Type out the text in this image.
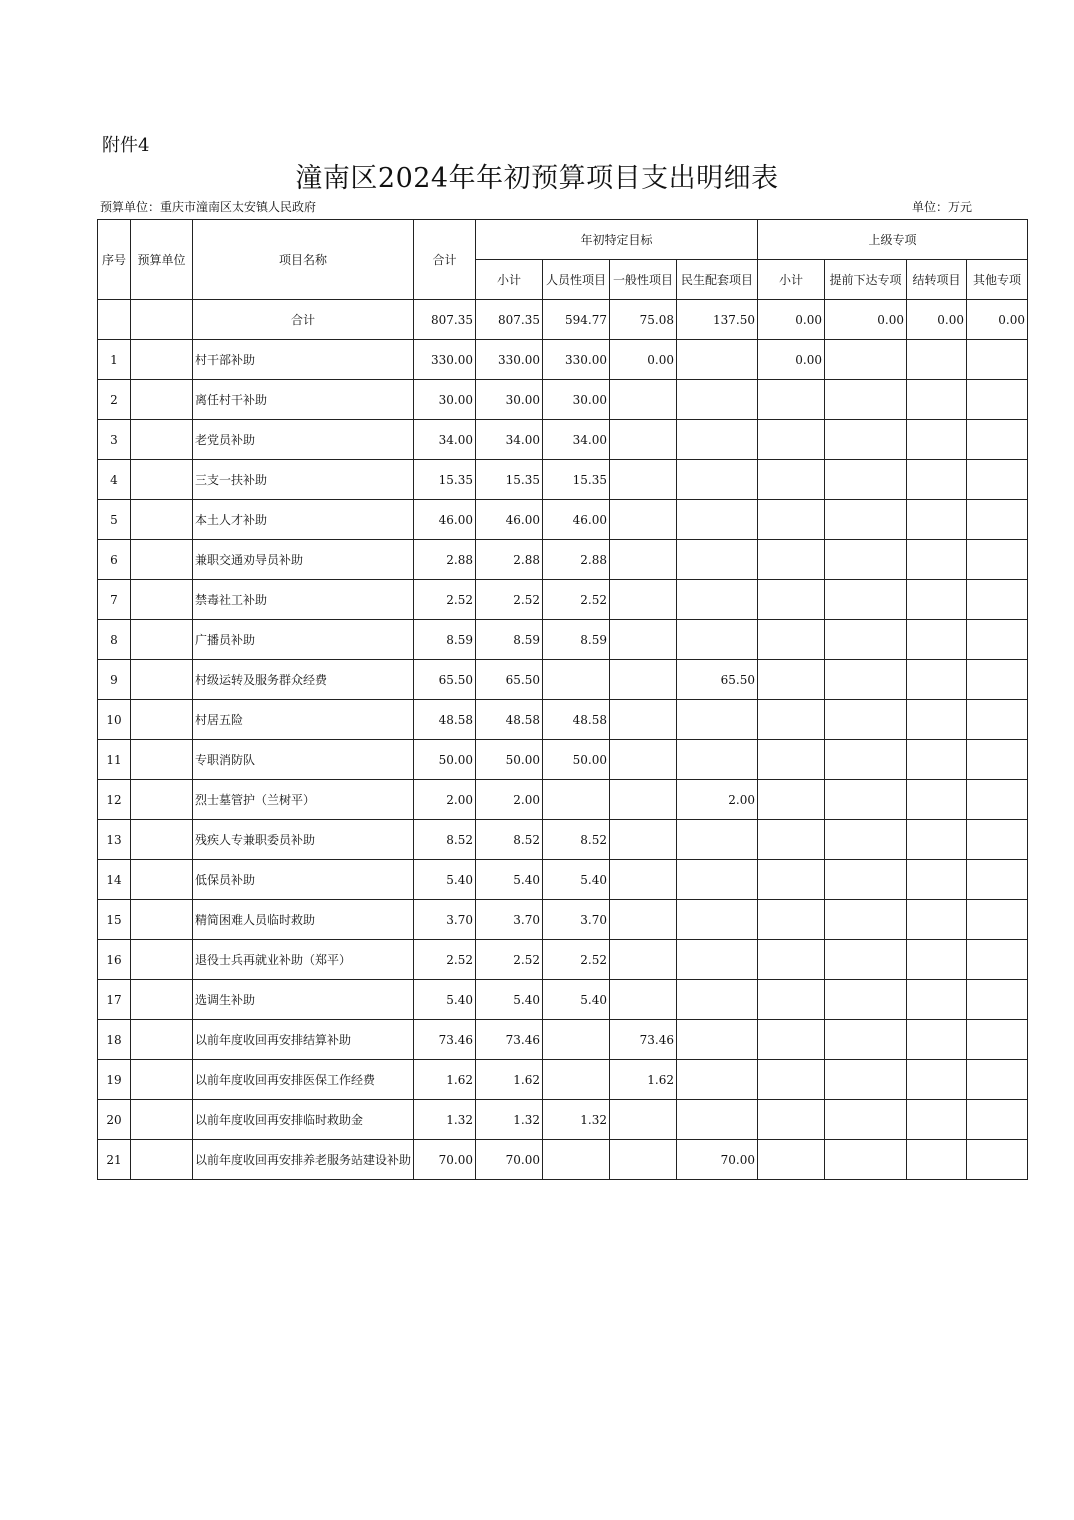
附件4
潼南区2024年年初预算项目支出明细表
预算单位：重庆市潼南区太安镇人民政府	单位：万元
序号	预算单位	项目名称	合计	年初特定目标				上级专项			
				小计	人员性项目	一般性项目	民生配套项目	小计	提前下达专项	结转项目	其他专项
		合计	807.35	807.35	594.77	75.08	137.50	0.00	0.00	0.00	0.00
1		村干部补助	330.00	330.00	330.00	0.00		0.00			
2		离任村干补助	30.00	30.00	30.00						
3		老党员补助	34.00	34.00	34.00						
4		三支一扶补助	15.35	15.35	15.35						
5		本土人才补助	46.00	46.00	46.00						
6		兼职交通劝导员补助	2.88	2.88	2.88						
7		禁毒社工补助	2.52	2.52	2.52						
8		广播员补助	8.59	8.59	8.59						
9		村级运转及服务群众经费	65.50	65.50			65.50				
10		村居五险	48.58	48.58	48.58						
11		专职消防队	50.00	50.00	50.00						
12		烈士墓管护（兰树平）	2.00	2.00			2.00				
13		残疾人专兼职委员补助	8.52	8.52	8.52						
14		低保员补助	5.40	5.40	5.40						
15		精简困难人员临时救助	3.70	3.70	3.70						
16		退役士兵再就业补助（郑平）	2.52	2.52	2.52						
17		选调生补助	5.40	5.40	5.40						
18		以前年度收回再安排结算补助	73.46	73.46		73.46					
19		以前年度收回再安排医保工作经费	1.62	1.62		1.62					
20		以前年度收回再安排临时救助金	1.32	1.32	1.32						
21		以前年度收回再安排养老服务站建设补助	70.00	70.00			70.00				
